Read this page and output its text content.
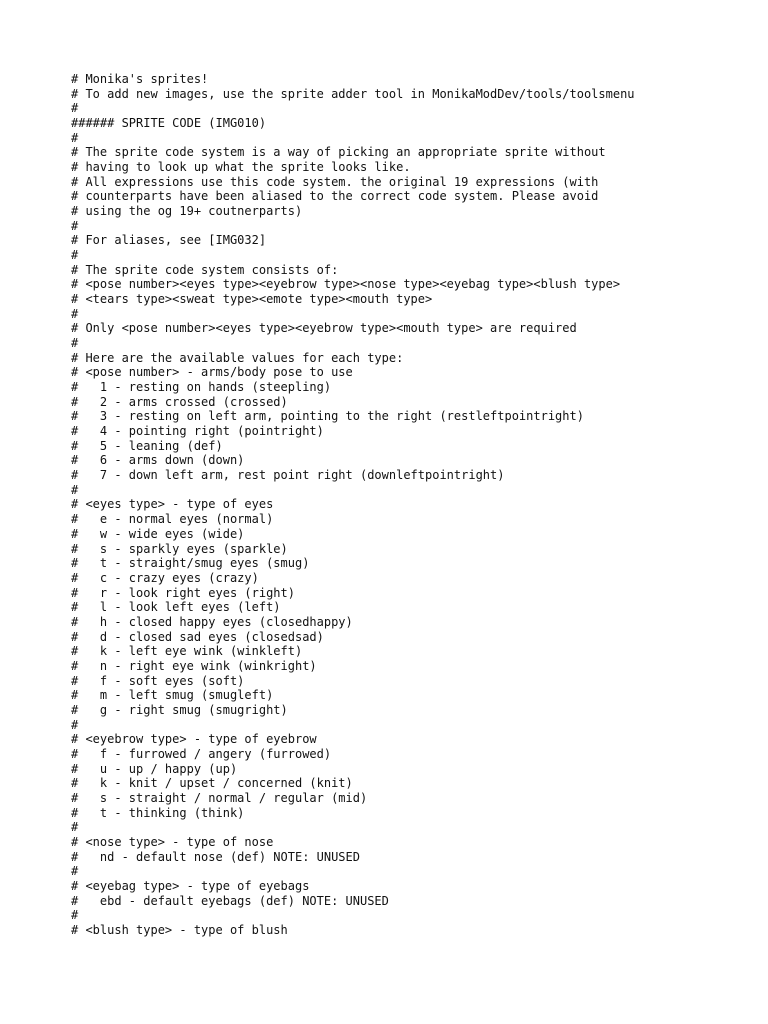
# Monika's sprites!
# To add new images, use the sprite adder tool in MonikaModDev/tools/toolsmenu
#
###### SPRITE CODE (IMG010)
#
# The sprite code system is a way of picking an appropriate sprite without
# having to look up what the sprite looks like.
# All expressions use this code system. the original 19 expressions (with
# counterparts have been aliased to the correct code system. Please avoid
# using the og 19+ coutnerparts)
#
# For aliases, see [IMG032]
#
# The sprite code system consists of:
# <pose number><eyes type><eyebrow type><nose type><eyebag type><blush type>
# <tears type><sweat type><emote type><mouth type>
#
# Only <pose number><eyes type><eyebrow type><mouth type> are required
#
# Here are the available values for each type:
# <pose number> - arms/body pose to use
#   1 - resting on hands (steepling)
#   2 - arms crossed (crossed)
#   3 - resting on left arm, pointing to the right (restleftpointright)
#   4 - pointing right (pointright)
#   5 - leaning (def)
#   6 - arms down (down)
#   7 - down left arm, rest point right (downleftpointright)
#
# <eyes type> - type of eyes
#   e - normal eyes (normal)
#   w - wide eyes (wide)
#   s - sparkly eyes (sparkle)
#   t - straight/smug eyes (smug)
#   c - crazy eyes (crazy)
#   r - look right eyes (right)
#   l - look left eyes (left)
#   h - closed happy eyes (closedhappy)
#   d - closed sad eyes (closedsad)
#   k - left eye wink (winkleft)
#   n - right eye wink (winkright)
#   f - soft eyes (soft)
#   m - left smug (smugleft)
#   g - right smug (smugright)
#
# <eyebrow type> - type of eyebrow
#   f - furrowed / angery (furrowed)
#   u - up / happy (up)
#   k - knit / upset / concerned (knit)
#   s - straight / normal / regular (mid)
#   t - thinking (think)
#
# <nose type> - type of nose
#   nd - default nose (def) NOTE: UNUSED
#
# <eyebag type> - type of eyebags
#   ebd - default eyebags (def) NOTE: UNUSED
#
# <blush type> - type of blush
